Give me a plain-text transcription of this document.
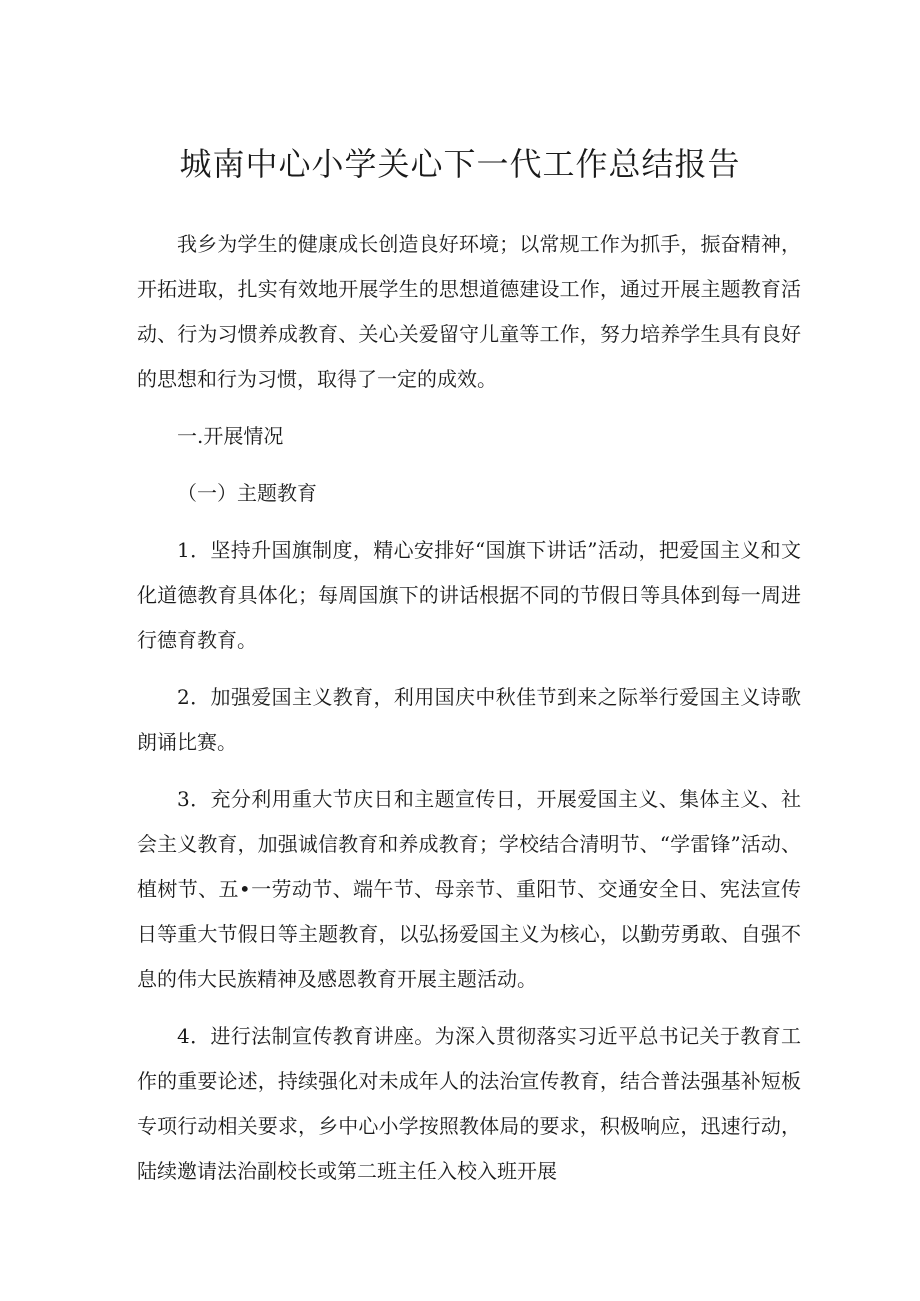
城南中心小学关心下一代工作总结报告

我乡为学生的健康成长创造良好环境；以常规工作为抓手，振奋精神，开拓进取，扎实有效地开展学生的思想道德建设工作，通过开展主题教育活动、行为习惯养成教育、关心关爱留守儿童等工作，努力培养学生具有良好的思想和行为习惯，取得了一定的成效。

一.开展情况

（一）主题教育

1．坚持升国旗制度，精心安排好“国旗下讲话”活动，把爱国主义和文化道德教育具体化；每周国旗下的讲话根据不同的节假日等具体到每一周进行德育教育。

2．加强爱国主义教育，利用国庆中秋佳节到来之际举行爱国主义诗歌朗诵比赛。

3．充分利用重大节庆日和主题宣传日，开展爱国主义、集体主义、社会主义教育，加强诚信教育和养成教育；学校结合清明节、“学雷锋”活动、植树节、五•一劳动节、端午节、母亲节、重阳节、交通安全日、宪法宣传日等重大节假日等主题教育，以弘扬爱国主义为核心，以勤劳勇敢、自强不息的伟大民族精神及感恩教育开展主题活动。

4．进行法制宣传教育讲座。为深入贯彻落实习近平总书记关于教育工作的重要论述，持续强化对未成年人的法治宣传教育，结合普法强基补短板专项行动相关要求，乡中心小学按照教体局的要求，积极响应，迅速行动，陆续邀请法治副校长或第二班主任入校入班开展
